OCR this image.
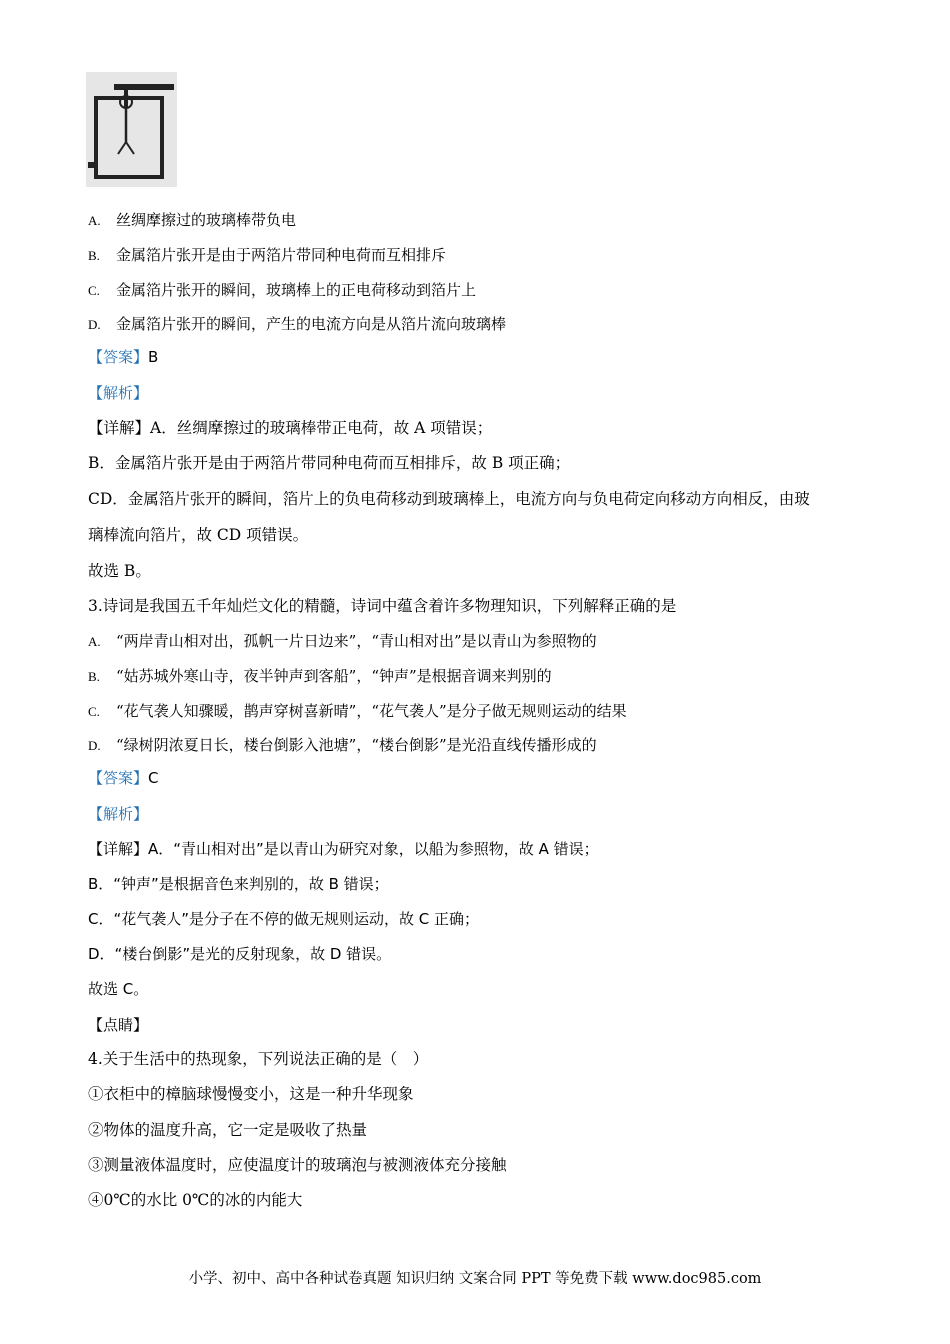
A. 丝绸摩擦过的玻璃棒带负电
B. 金属箔片张开是由于两箔片带同种电荷而互相排斥
C. 金属箔片张开的瞬间，玻璃棒上的正电荷移动到箔片上
D. 金属箔片张开的瞬间，产生的电流方向是从箔片流向玻璃棒
【答案】B
【解析】
【详解】A．丝绸摩擦过的玻璃棒带正电荷，故 A 项错误；
B．金属箔片张开是由于两箔片带同种电荷而互相排斥，故 B 项正确；
CD．金属箔片张开的瞬间，箔片上的负电荷移动到玻璃棒上，电流方向与负电荷定向移动方向相反，由玻
璃棒流向箔片，故 CD 项错误。
故选 B。
3.诗词是我国五千年灿烂文化的精髓，诗词中蕴含着许多物理知识，下列解释正确的是
A. “两岸青山相对出，孤帆一片日边来”，“青山相对出”是以青山为参照物的
B. “姑苏城外寒山寺，夜半钟声到客船”，“钟声”是根据音调来判别的
C. “花气袭人知骤暖，鹊声穿树喜新晴”，“花气袭人”是分子做无规则运动的结果
D. “绿树阴浓夏日长，楼台倒影入池塘”，“楼台倒影”是光沿直线传播形成的
【答案】C
【解析】
【详解】A．“青山相对出”是以青山为研究对象，以船为参照物，故 A 错误；
B．“钟声”是根据音色来判别的，故 B 错误；
C．“花气袭人”是分子在不停的做无规则运动，故 C 正确；
D．“楼台倒影”是光的反射现象，故 D 错误。
故选 C。
【点睛】
4.关于生活中的热现象，下列说法正确的是（　）
①衣柜中的樟脑球慢慢变小，这是一种升华现象
②物体的温度升高，它一定是吸收了热量
③测量液体温度时，应使温度计的玻璃泡与被测液体充分接触
④0℃的水比 0℃的冰的内能大
小学、初中、高中各种试卷真题 知识归纳 文案合同 PPT 等免费下载 www.doc985.com
